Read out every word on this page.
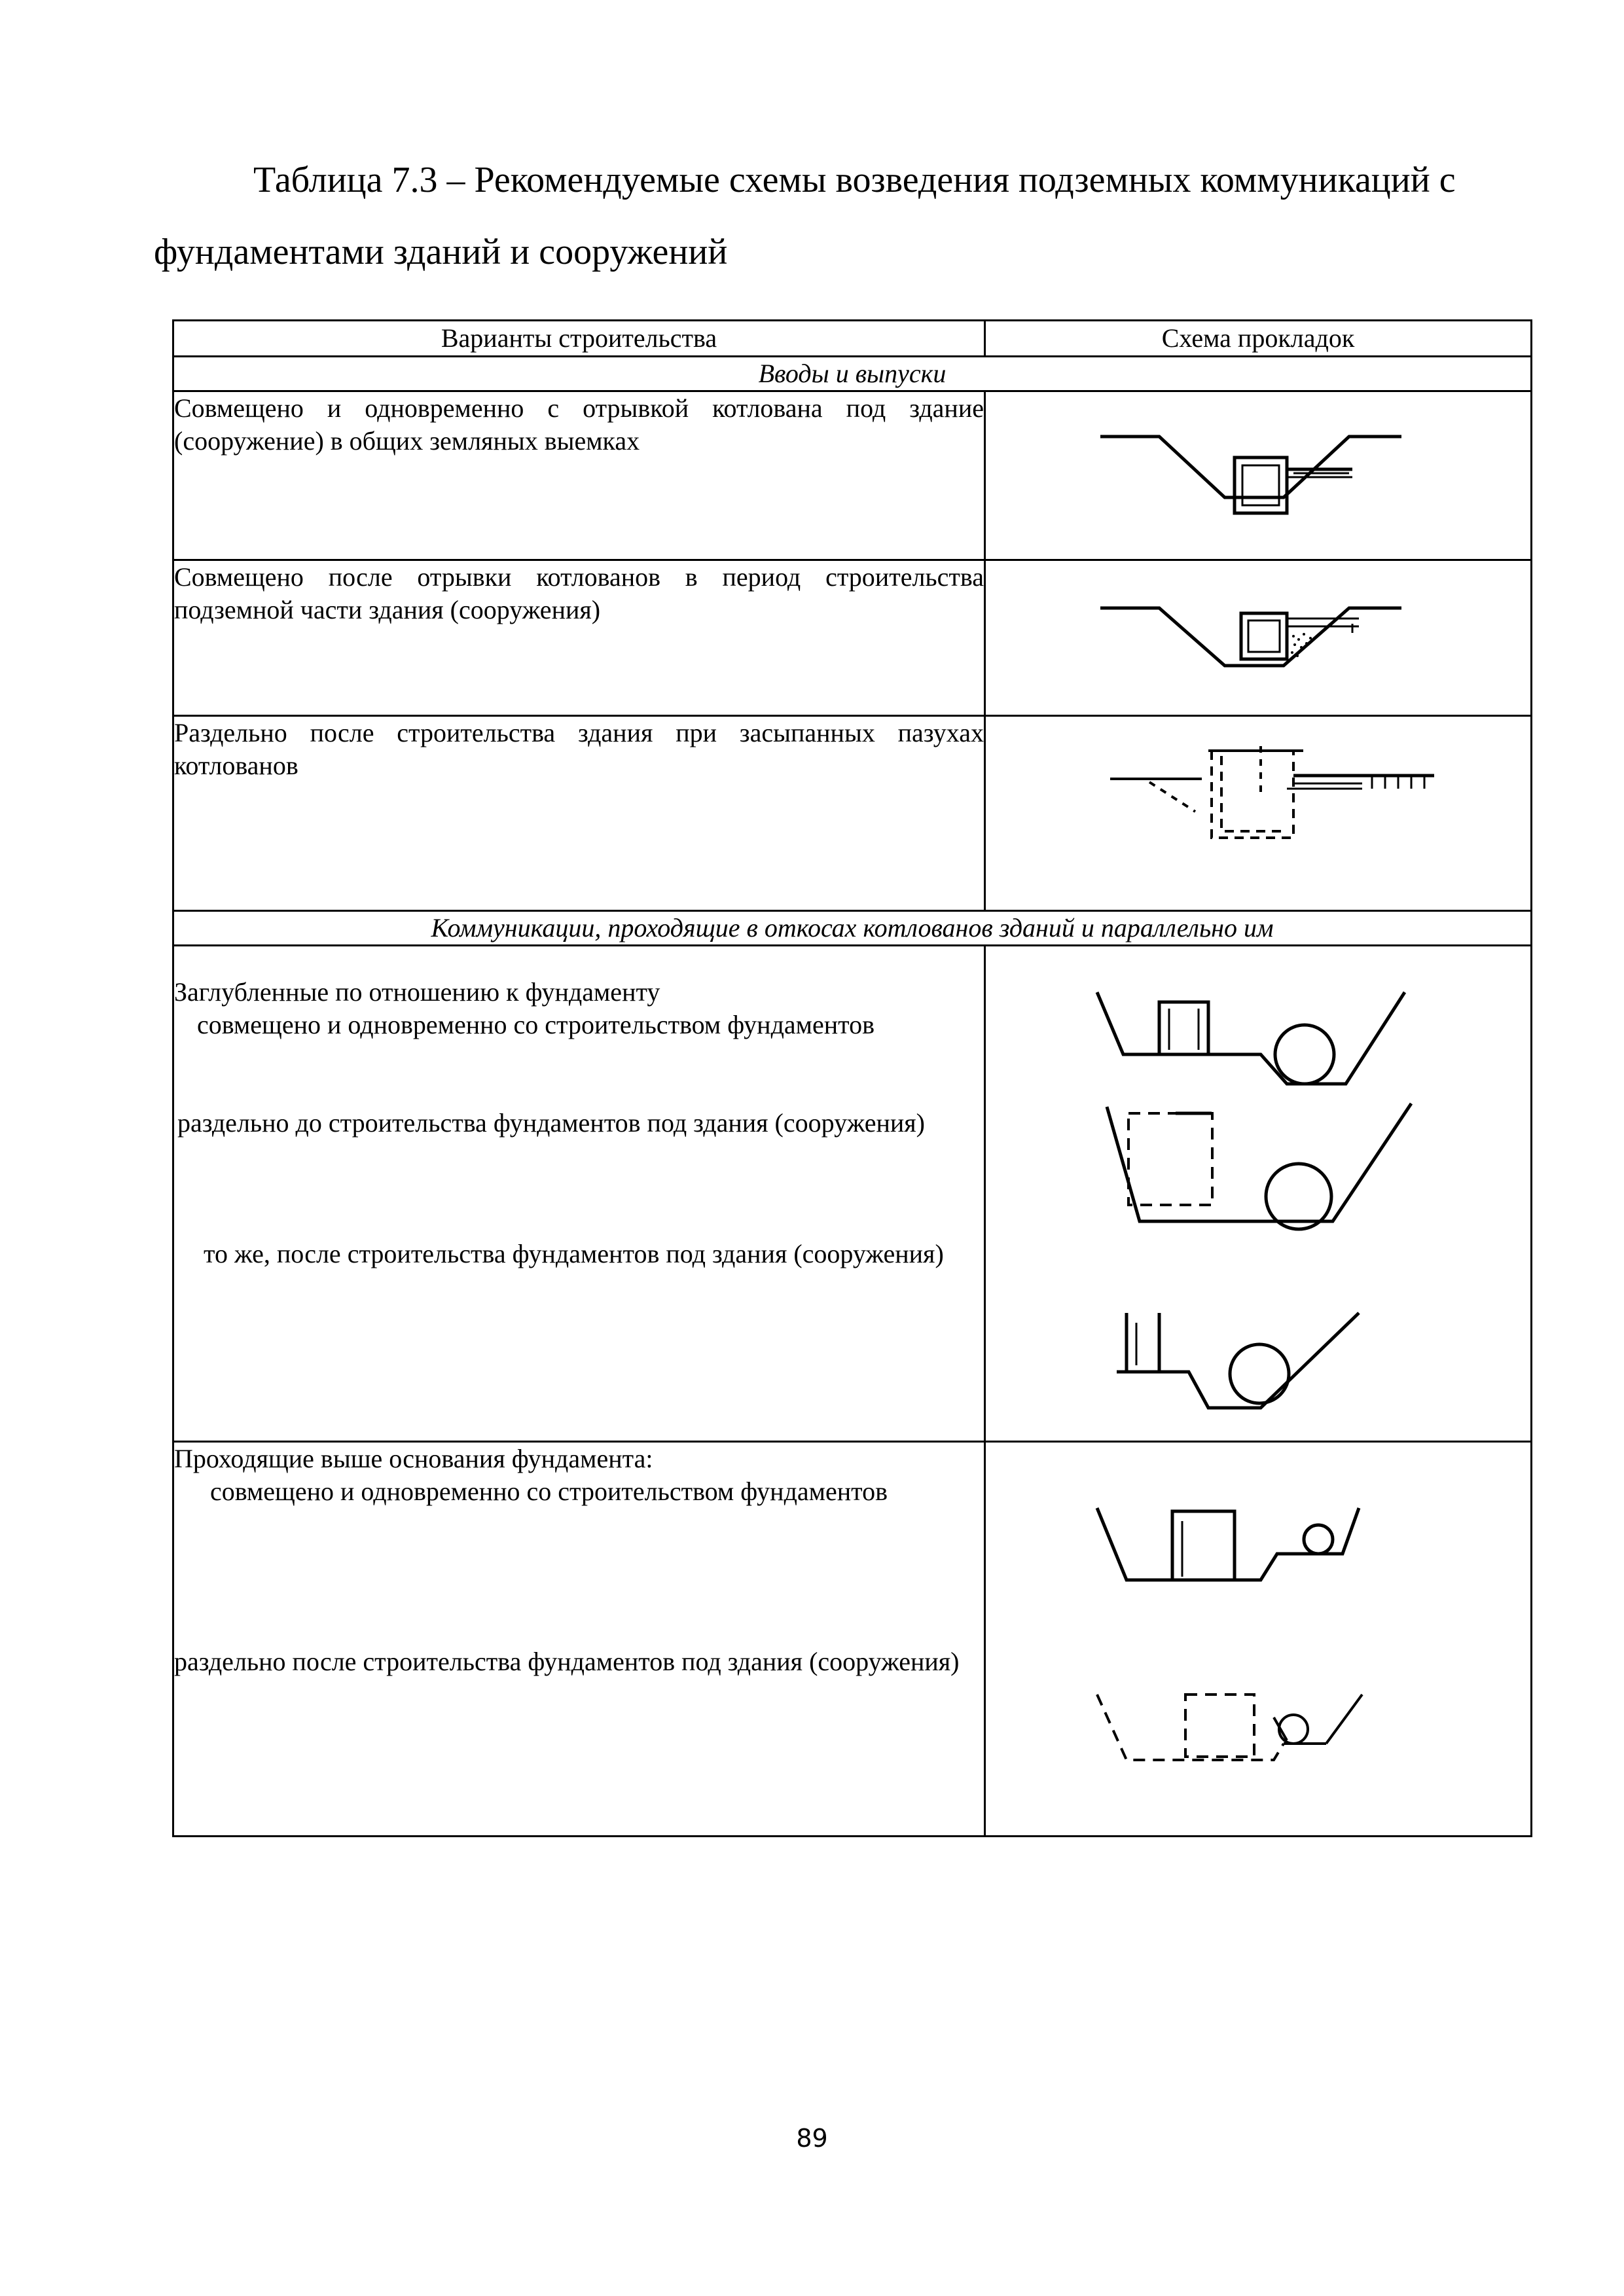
Таблица 7.3 – Рекомендуемые схемы возведения подземных коммуникаций с
фундаментами зданий и сооружений
Варианты строительства	Схема прокладок
Вводы и выпуски	

Совмещено и одновременно с отрывкой котлована под здание (сооружение) в общих земляных выемках

Совмещено после отрывки котлованов в период строительства подземной части здания (сооружения)

Раздельно после строительства здания при засыпанных пазухах котлованов

Коммуникации, проходящие в откосах котлованов зданий и параллельно им	

Заглубленные по отношению к фундаменту

совмещено и одновременно со строительством фундаментов

раздельно до строительства фундаментов под здания (сооружения)

то же, после строительства фундаментов под здания (сооружения)

Проходящие выше основания фундамента:

совмещено и одновременно со строительством фундаментов

раздельно после строительства фундаментов под здания (сооружения)

89
